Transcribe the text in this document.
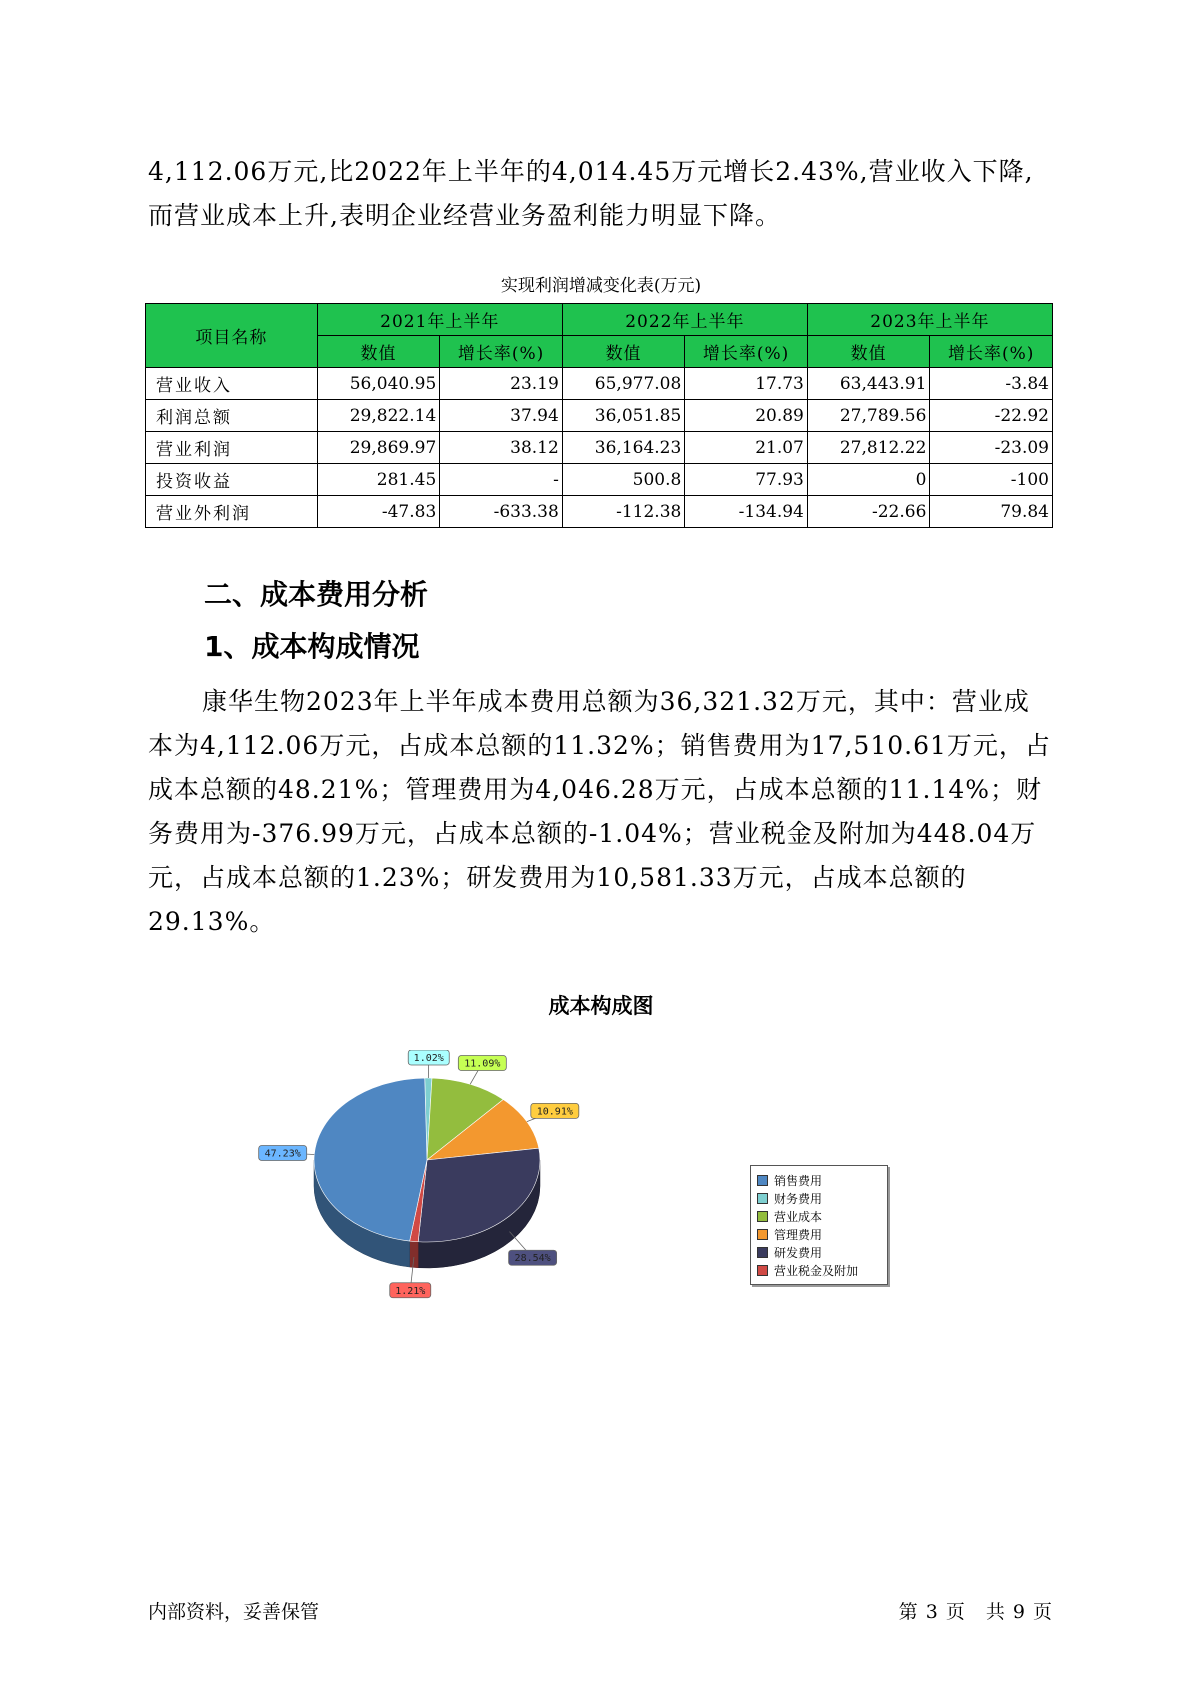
4,112.06万元,比2022年上半年的4,014.45万元增长2.43%,营业收入下降,而营业成本上升,表明企业经营业务盈利能力明显下降。

实现利润增减变化表(万元)

项目名称	2021年上半年		2022年上半年		2023年上半年	
	数值	增长率(%)	数值	增长率(%)	数值	增长率(%)
营业收入	56,040.95	23.19	65,977.08	17.73	63,443.91	-3.84
利润总额	29,822.14	37.94	36,051.85	20.89	27,789.56	-22.92
营业利润	29,869.97	38.12	36,164.23	21.07	27,812.22	-23.09
投资收益	281.45	-	500.8	77.93	0	-100
营业外利润	-47.83	-633.38	-112.38	-134.94	-22.66	79.84
二、成本费用分析
1、成本构成情况

康华生物2023年上半年成本费用总额为36,321.32万元，其中：营业成本为4,112.06万元，占成本总额的11.32%；销售费用为17,510.61万元，占成本总额的48.21%；管理费用为4,046.28万元，占成本总额的11.14%；财务费用为-376.99万元，占成本总额的-1.04%；营业税金及附加为448.04万元，占成本总额的1.23%；研发费用为10,581.33万元，占成本总额的29.13%。

成本构成图

1.02%
11.09%
10.91%
28.54%
1.21%
47.23%
销售费用
财务费用
营业成本
管理费用
研发费用
营业税金及附加

内部资料，妥善保管	第 3 页　共 9 页
